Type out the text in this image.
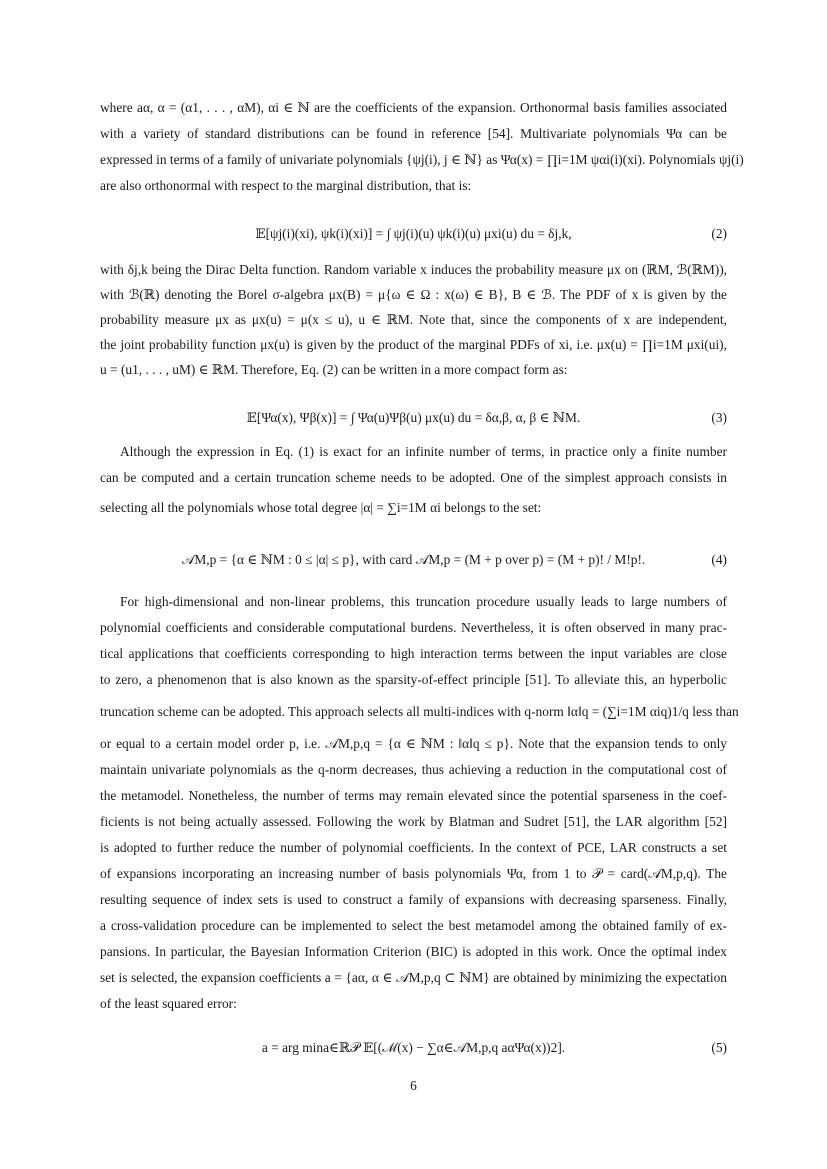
where aα, α = (α1, . . . , αM), αi ∈ ℕ are the coefficients of the expansion. Orthonormal basis families associated
with a variety of standard distributions can be found in reference [54]. Multivariate polynomials Ψα can be
expressed in terms of a family of univariate polynomials {ψj(i), j ∈ ℕ} as Ψα(x) = ∏i=1M ψαi(i)(xi). Polynomials ψj(i)
are also orthonormal with respect to the marginal distribution, that is:
𝔼[ψj(i)(xi), ψk(i)(xi)] = ∫ ψj(i)(u) ψk(i)(u) μxi(u) du = δj,k,	(2)
with δj,k being the Dirac Delta function. Random variable x induces the probability measure μx on (ℝM, ℬ(ℝM)),
with ℬ(ℝ) denoting the Borel σ-algebra μx(B) = μ{ω ∈ Ω : x(ω) ∈ B}, B ∈ ℬ. The PDF of x is given by the
probability measure μx as μx(u) = μ(x ≤ u), u ∈ ℝM. Note that, since the components of x are independent,
the joint probability function μx(u) is given by the product of the marginal PDFs of xi, i.e. μx(u) = ∏i=1M μxi(ui),
u = (u1, . . . , uM) ∈ ℝM. Therefore, Eq. (2) can be written in a more compact form as:
𝔼[Ψα(x), Ψβ(x)] = ∫ Ψα(u)Ψβ(u) μx(u) du = δα,β, α, β ∈ ℕM.	(3)
Although the expression in Eq. (1) is exact for an infinite number of terms, in practice only a finite number
can be computed and a certain truncation scheme needs to be adopted. One of the simplest approach consists in
selecting all the polynomials whose total degree |α| = ∑i=1M αi belongs to the set:
𝒜M,p = {α ∈ ℕM : 0 ≤ |α| ≤ p}, with card 𝒜M,p = (M + p over p) = (M + p)! / M!p!.	(4)
For high-dimensional and non-linear problems, this truncation procedure usually leads to large numbers of
polynomial coefficients and considerable computational burdens. Nevertheless, it is often observed in many prac-
tical applications that coefficients corresponding to high interaction terms between the input variables are close
to zero, a phenomenon that is also known as the sparsity-of-effect principle [51]. To alleviate this, an hyperbolic
truncation scheme can be adopted. This approach selects all multi-indices with q-norm ‖α‖q = (∑i=1M αiq)1/q less than
or equal to a certain model order p, i.e. 𝒜M,p,q = {α ∈ ℕM : ‖α‖q ≤ p}. Note that the expansion tends to only
maintain univariate polynomials as the q-norm decreases, thus achieving a reduction in the computational cost of
the metamodel. Nonetheless, the number of terms may remain elevated since the potential sparseness in the coef-
ficients is not being actually assessed. Following the work by Blatman and Sudret [51], the LAR algorithm [52]
is adopted to further reduce the number of polynomial coefficients. In the context of PCE, LAR constructs a set
of expansions incorporating an increasing number of basis polynomials Ψα, from 1 to 𝒫 = card(𝒜M,p,q). The
resulting sequence of index sets is used to construct a family of expansions with decreasing sparseness. Finally,
a cross-validation procedure can be implemented to select the best metamodel among the obtained family of ex-
pansions. In particular, the Bayesian Information Criterion (BIC) is adopted in this work. Once the optimal index
set is selected, the expansion coefficients a = {aα, α ∈ 𝒜M,p,q ⊂ ℕM} are obtained by minimizing the expectation
of the least squared error:
a = arg mina∈ℝ𝒫 𝔼[(ℳ(x) − ∑α∈𝒜M,p,q aαΨα(x))2].	(5)
6
